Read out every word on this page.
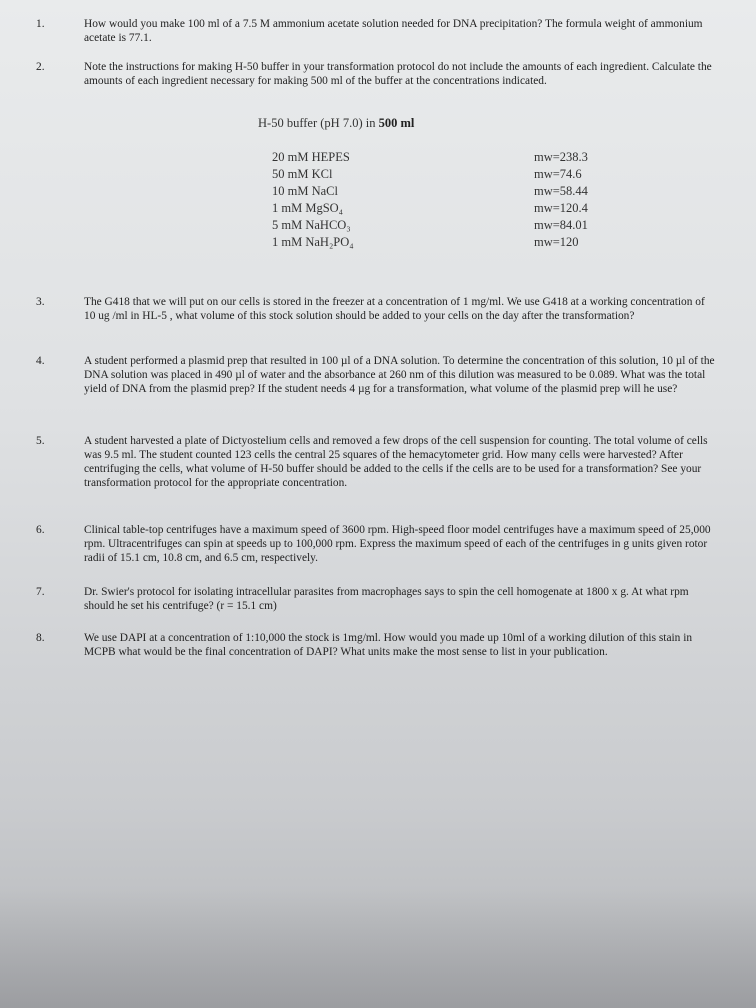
1.	How would you make 100 ml of a 7.5 M ammonium acetate solution needed for DNA precipitation? The formula weight of ammonium acetate is 77.1.
2.	Note the instructions for making H-50 buffer in your transformation protocol do not include the amounts of each ingredient. Calculate the amounts of each ingredient necessary for making 500 ml of the buffer at the concentrations indicated.
H-50 buffer (pH 7.0) in 500 ml
20 mM HEPES	mw=238.3
50 mM KCl	mw=74.6
10 mM NaCl	mw=58.44
1 mM MgSO₄	mw=120.4
5 mM NaHCO₃	mw=84.01
1 mM NaH₂PO₄	mw=120
3.	The G418 that we will put on our cells is stored in the freezer at a concentration of 1 mg/ml. We use G418 at a working concentration of 10 ug /ml in HL-5 , what volume of this stock solution should be added to your cells on the day after the transformation?
4.	A student performed a plasmid prep that resulted in 100 µl of a DNA solution. To determine the concentration of this solution, 10 µl of the DNA solution was placed in 490 µl of water and the absorbance at 260 nm of this dilution was measured to be 0.089. What was the total yield of DNA from the plasmid prep? If the student needs 4 µg for a transformation, what volume of the plasmid prep will he use?
5.	A student harvested a plate of Dictyostelium cells and removed a few drops of the cell suspension for counting. The total volume of cells was 9.5 ml. The student counted 123 cells the central 25 squares of the hemacytometer grid. How many cells were harvested? After centrifuging the cells, what volume of H-50 buffer should be added to the cells if the cells are to be used for a transformation? See your transformation protocol for the appropriate concentration.
6.	Clinical table-top centrifuges have a maximum speed of 3600 rpm. High-speed floor model centrifuges have a maximum speed of 25,000 rpm. Ultracentrifuges can spin at speeds up to 100,000 rpm. Express the maximum speed of each of the centrifuges in g units given rotor radii of 15.1 cm, 10.8 cm, and 6.5 cm, respectively.
7.	Dr. Swier's protocol for isolating intracellular parasites from macrophages says to spin the cell homogenate at 1800 x g. At what rpm should he set his centrifuge? (r = 15.1 cm)
8.	We use DAPI at a concentration of 1:10,000 the stock is 1mg/ml. How would you made up 10ml of a working dilution of this stain in MCPB what would be the final concentration of DAPI? What units make the most sense to list in your publication.
